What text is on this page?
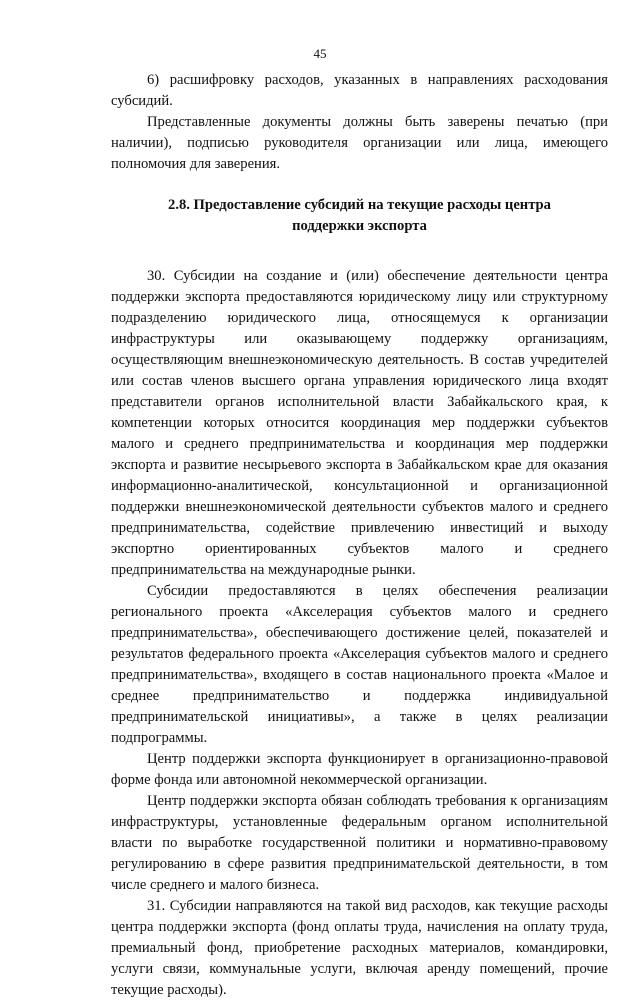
45

6) расшифровку расходов, указанных в направлениях расходования субсидий.

Представленные документы должны быть заверены печатью (при наличии), подписью руководителя организации или лица, имеющего полномочия для заверения.

2.8. Предоставление субсидий на текущие расходы центра поддержки экспорта

30. Субсидии на создание и (или) обеспечение деятельности центра поддержки экспорта предоставляются юридическому лицу или структурному подразделению юридического лица, относящемуся к организации инфраструктуры или оказывающему поддержку организациям, осуществляющим внешнеэкономическую деятельность. В состав учредителей или состав членов высшего органа управления юридического лица входят представители органов исполнительной власти Забайкальского края, к компетенции которых относится координация мер поддержки субъектов малого и среднего предпринимательства и координация мер поддержки экспорта и развитие несырьевого экспорта в Забайкальском крае для оказания информационно-аналитической, консультационной и организационной поддержки внешнеэкономической деятельности субъектов малого и среднего предпринимательства, содействие привлечению инвестиций и выходу экспортно ориентированных субъектов малого и среднего предпринимательства на международные рынки.

Субсидии предоставляются в целях обеспечения реализации регионального проекта «Акселерация субъектов малого и среднего предпринимательства», обеспечивающего достижение целей, показателей и результатов федерального проекта «Акселерация субъектов малого и среднего предпринимательства», входящего в состав национального проекта «Малое и среднее предпринимательство и поддержка индивидуальной предпринимательской инициативы», а также в целях реализации подпрограммы.

Центр поддержки экспорта функционирует в организационно-правовой форме фонда или автономной некоммерческой организации.

Центр поддержки экспорта обязан соблюдать требования к организациям инфраструктуры, установленные федеральным органом исполнительной власти по выработке государственной политики и нормативно-правовому регулированию в сфере развития предпринимательской деятельности, в том числе среднего и малого бизнеса.

31. Субсидии направляются на такой вид расходов, как текущие расходы центра поддержки экспорта (фонд оплаты труда, начисления на оплату труда, премиальный фонд, приобретение расходных материалов, командировки, услуги связи, коммунальные услуги, включая аренду помещений, прочие текущие расходы).
